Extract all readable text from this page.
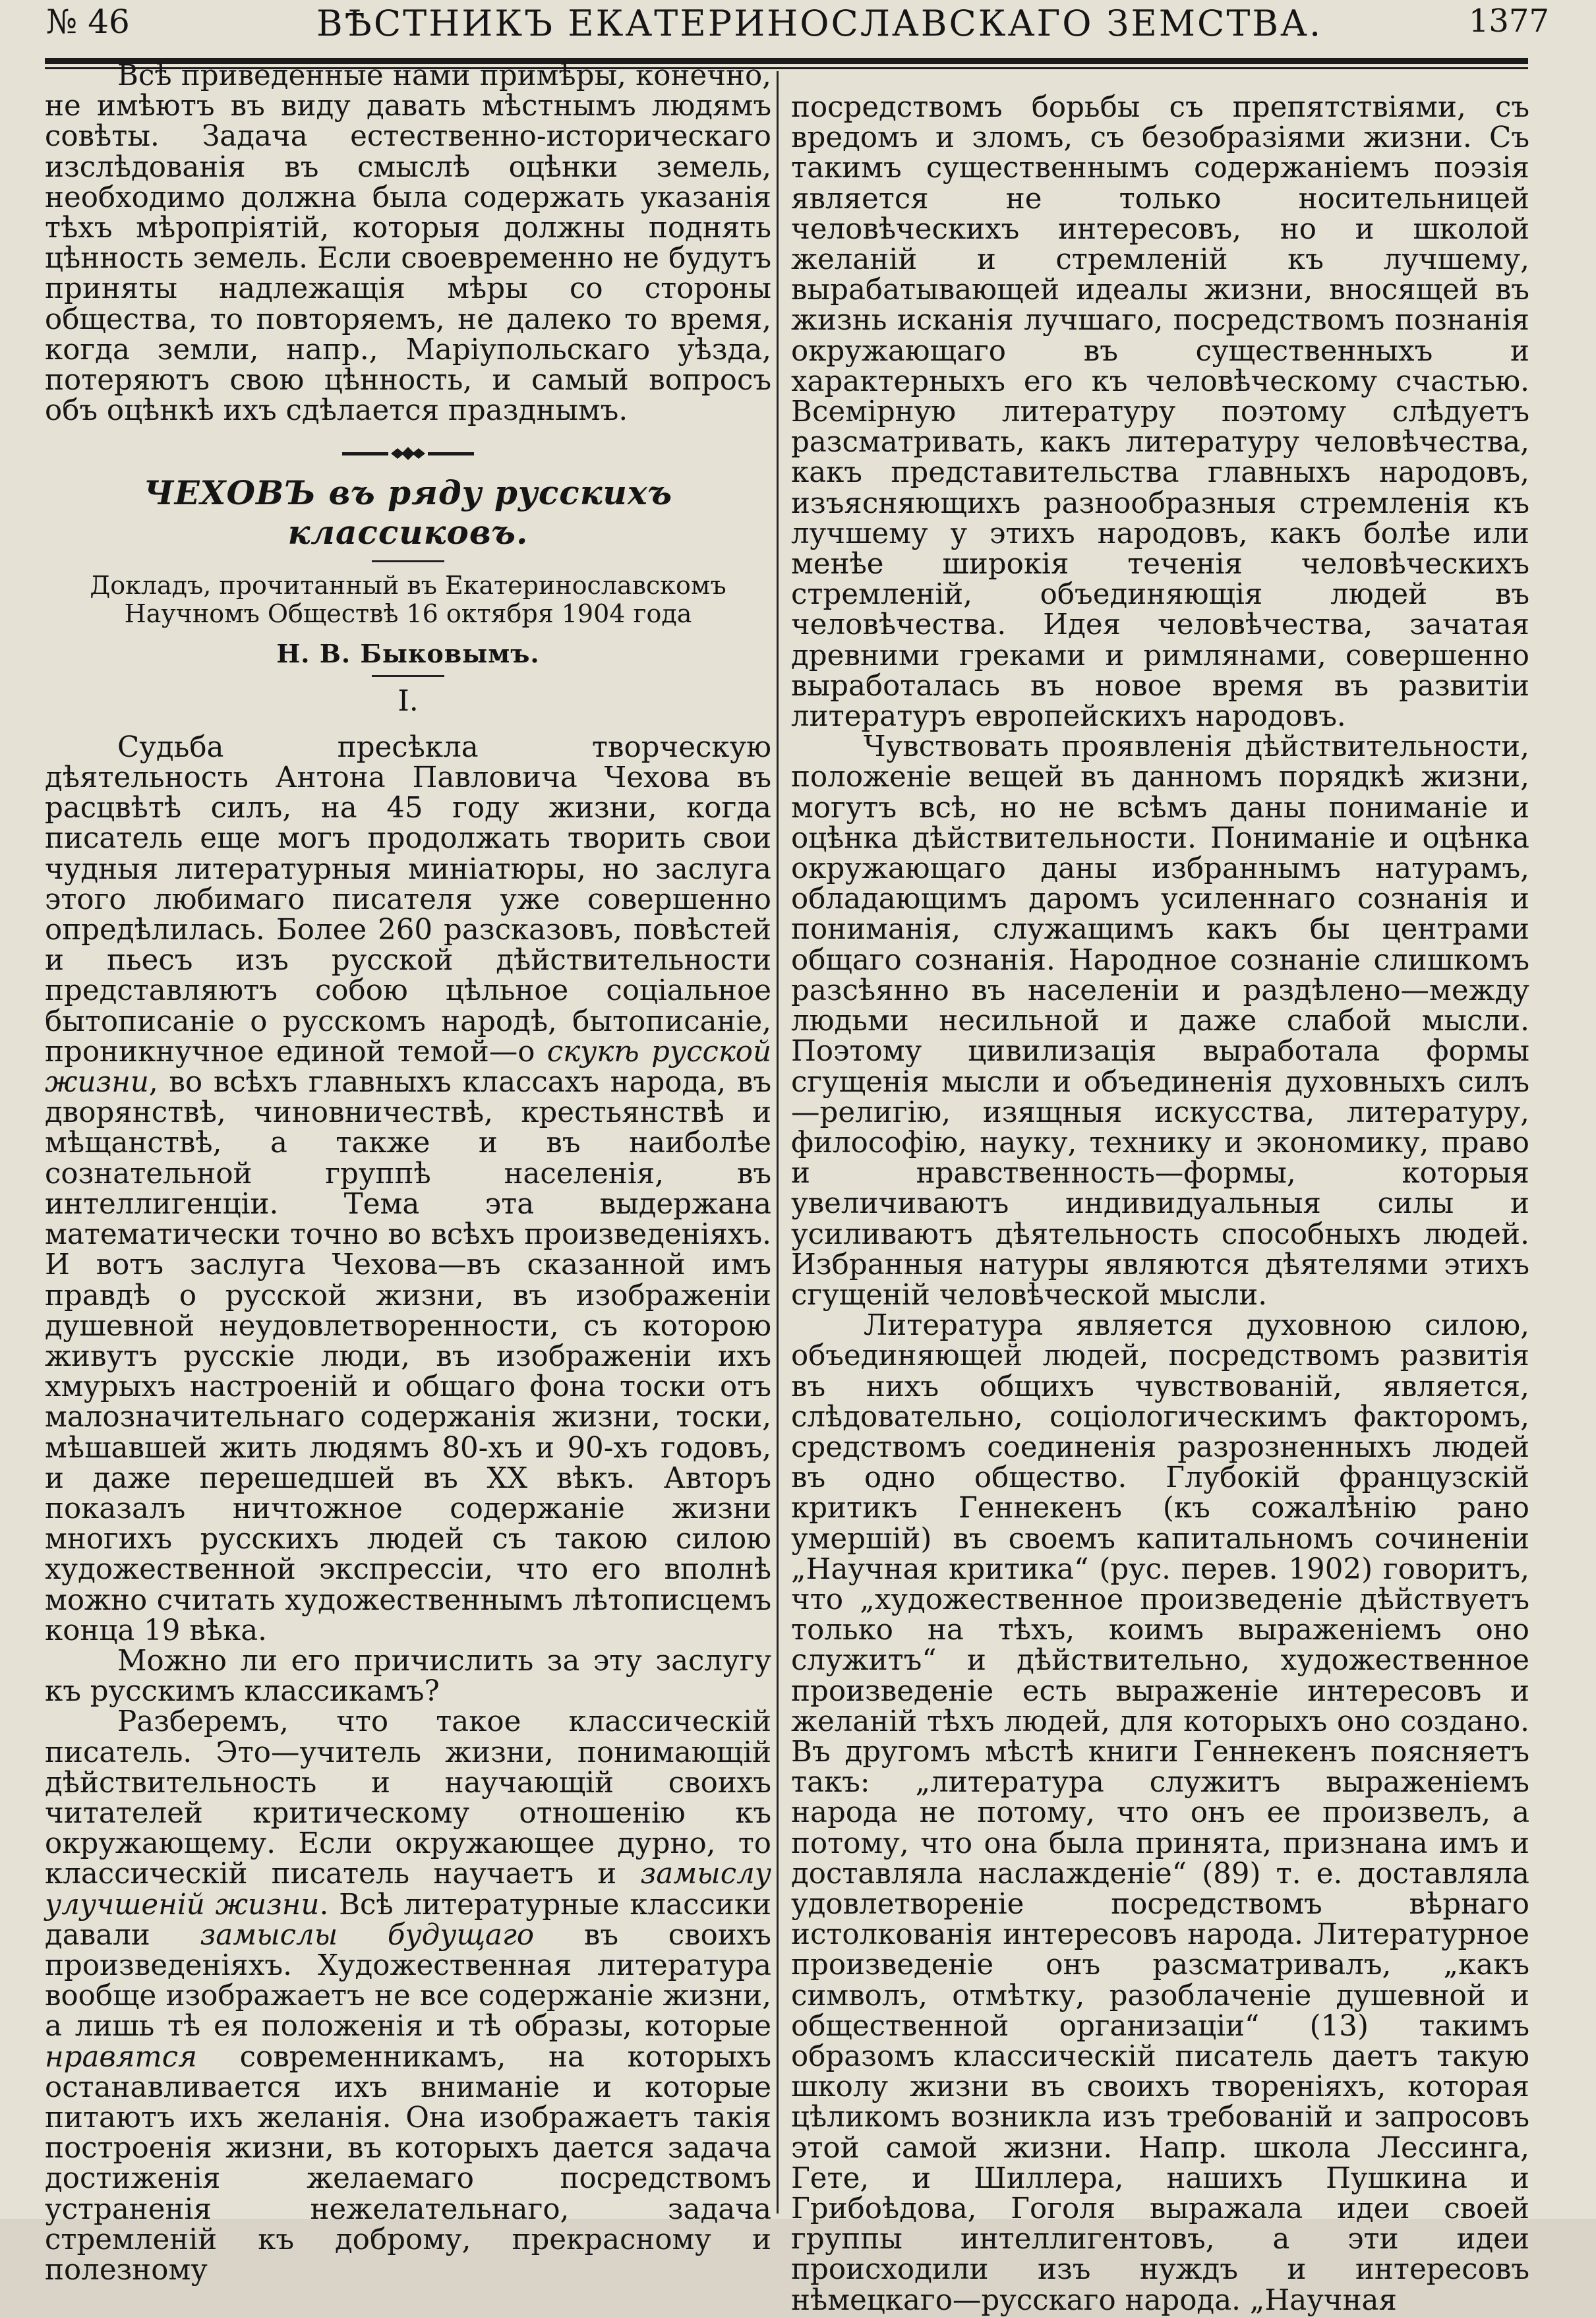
№ 46	ВѢСТНИКЪ ЕКАТЕРИНОСЛАВСКАГО ЗЕМСТВА.	1377

Всѣ приведенные нами примѣры, конечно, не имѣютъ въ виду давать мѣстнымъ людямъ совѣты. Задача естественно-историческаго изслѣдованія въ смыслѣ оцѣнки земель, необходимо должна была содержать указанія тѣхъ мѣропріятій, которыя должны поднять цѣнность земель. Если своевременно не будутъ приняты надлежащія мѣры со стороны общества, то повторяемъ, не далеко то время, когда земли, напр., Маріупольскаго уѣзда, потеряютъ свою цѣнность, и самый вопросъ объ оцѣнкѣ ихъ сдѣлается празднымъ.

ЧЕХОВЪ въ ряду русскихъ классиковъ.

Докладъ, прочитанный въ Екатеринославскомъ Научномъ Обществѣ 16 октября 1904 года

Н. В. Быковымъ.
I.

Судьба пресѣкла творческую дѣятельность Антона Павловича Чехова въ расцвѣтѣ силъ, на 45 году жизни, когда писатель еще могъ продолжать творить свои чудныя литературныя миніатюры, но заслуга этого любимаго писателя уже совершенно опредѣлилась. Более 260 разсказовъ, повѣстей и пьесъ изъ русской дѣйствительности представляютъ собою цѣльное соціальное бытописаніе о русскомъ народѣ, бытописаніе, проникнучное единой темой—о скукѣ русской жизни, во всѣхъ главныхъ классахъ народа, въ дворянствѣ, чиновничествѣ, крестьянствѣ и мѣщанствѣ, а также и въ наиболѣе сознательной группѣ населенія, въ интеллигенціи. Тема эта выдержана математически точно во всѣхъ произведеніяхъ. И вотъ заслуга Чехова—въ сказанной имъ правдѣ о русской жизни, въ изображеніи душевной неудовлетворенности, съ которою живутъ русскіе люди, въ изображеніи ихъ хмурыхъ настроеній и общаго фона тоски отъ малозначительнаго содержанія жизни, тоски, мѣшавшей жить людямъ 80-хъ и 90-хъ годовъ, и даже перешедшей въ XX вѣкъ. Авторъ показалъ ничтожное содержаніе жизни многихъ русскихъ людей съ такою силою художественной экспрессіи, что его вполнѣ можно считать художественнымъ лѣтописцемъ конца 19 вѣка.

Можно ли его причислить за эту заслугу къ русскимъ классикамъ?

Разберемъ, что такое классическій писатель. Это—учитель жизни, понимающій дѣйствительность и научающій своихъ читателей критическому отношенію къ окружающему. Если окружающее дурно, то классическій писатель научаетъ и замыслу улучшеній жизни. Всѣ литературные классики давали замыслы будущаго въ своихъ произведеніяхъ. Художественная литература вообще изображаетъ не все содержаніе жизни, а лишь тѣ ея положенія и тѣ образы, которые нравятся современникамъ, на которыхъ останавливается ихъ вниманіе и которые питаютъ ихъ желанія. Она изображаетъ такія построенія жизни, въ которыхъ дается задача достиженія желаемаго посредствомъ устраненія нежелательнаго, задача стремленій къ доброму, прекрасному и полезному

посредствомъ борьбы съ препятствіями, съ вредомъ и зломъ, съ безобразіями жизни. Съ такимъ существеннымъ содержаніемъ поэзія является не только носительницей человѣческихъ интересовъ, но и школой желаній и стремленій къ лучшему, вырабатывающей идеалы жизни, вносящей въ жизнь исканія лучшаго, посредствомъ познанія окружающаго въ существенныхъ и характерныхъ его къ человѣческому счастью. Всемірную литературу поэтому слѣдуетъ разсматривать, какъ литературу человѣчества, какъ представительства главныхъ народовъ, изъясняющихъ разнообразныя стремленія къ лучшему у этихъ народовъ, какъ болѣе или менѣе широкія теченія человѣческихъ стремленій, объединяющія людей въ человѣчества. Идея человѣчества, зачатая древними греками и римлянами, совершенно выработалась въ новое время въ развитіи литературъ европейскихъ народовъ.

Чувствовать проявленія дѣйствительности, положеніе вещей въ данномъ порядкѣ жизни, могутъ всѣ, но не всѣмъ даны пониманіе и оцѣнка дѣйствительности. Пониманіе и оцѣнка окружающаго даны избраннымъ натурамъ, обладающимъ даромъ усиленнаго сознанія и пониманія, служащимъ какъ бы центрами общаго сознанія. Народное сознаніе слишкомъ разсѣянно въ населеніи и раздѣлено—между людьми несильной и даже слабой мысли. Поэтому цивилизація выработала формы сгущенія мысли и объединенія духовныхъ силъ—религію, изящныя искусства, литературу, философію, науку, технику и экономику, право и нравственность—формы, которыя увеличиваютъ индивидуальныя силы и усиливаютъ дѣятельность способныхъ людей. Избранныя натуры являются дѣятелями этихъ сгущеній человѣческой мысли.

Литература является духовною силою, объединяющей людей, посредствомъ развитія въ нихъ общихъ чувствованій, является, слѣдовательно, соціологическимъ факторомъ, средствомъ соединенія разрозненныхъ людей въ одно общество. Глубокій французскій критикъ Геннекенъ (къ сожалѣнію рано умершій) въ своемъ капитальномъ сочиненіи „Научная критика“ (рус. перев. 1902) говоритъ, что „художественное произведеніе дѣйствуетъ только на тѣхъ, коимъ выраженіемъ оно служитъ“ и дѣйствительно, художественное произведеніе есть выраженіе интересовъ и желаній тѣхъ людей, для которыхъ оно создано. Въ другомъ мѣстѣ книги Геннекенъ поясняетъ такъ: „литература служитъ выраженіемъ народа не потому, что онъ ее произвелъ, а потому, что она была принята, признана имъ и доставляла наслажденіе“ (89) т. е. доставляла удовлетвореніе посредствомъ вѣрнаго истолкованія интересовъ народа. Литературное произведеніе онъ разсматривалъ, „какъ символъ, отмѣтку, разоблаченіе душевной и общественной организаціи“ (13) такимъ образомъ классическій писатель даетъ такую школу жизни въ своихъ твореніяхъ, которая цѣликомъ возникла изъ требованій и запросовъ этой самой жизни. Напр. школа Лессинга, Гете, и Шиллера, нашихъ Пушкина и Грибоѣдова, Гоголя выражала идеи своей группы интеллигентовъ, а эти идеи происходили изъ нуждъ и интересовъ нѣмецкаго—русскаго народа. „Научная
